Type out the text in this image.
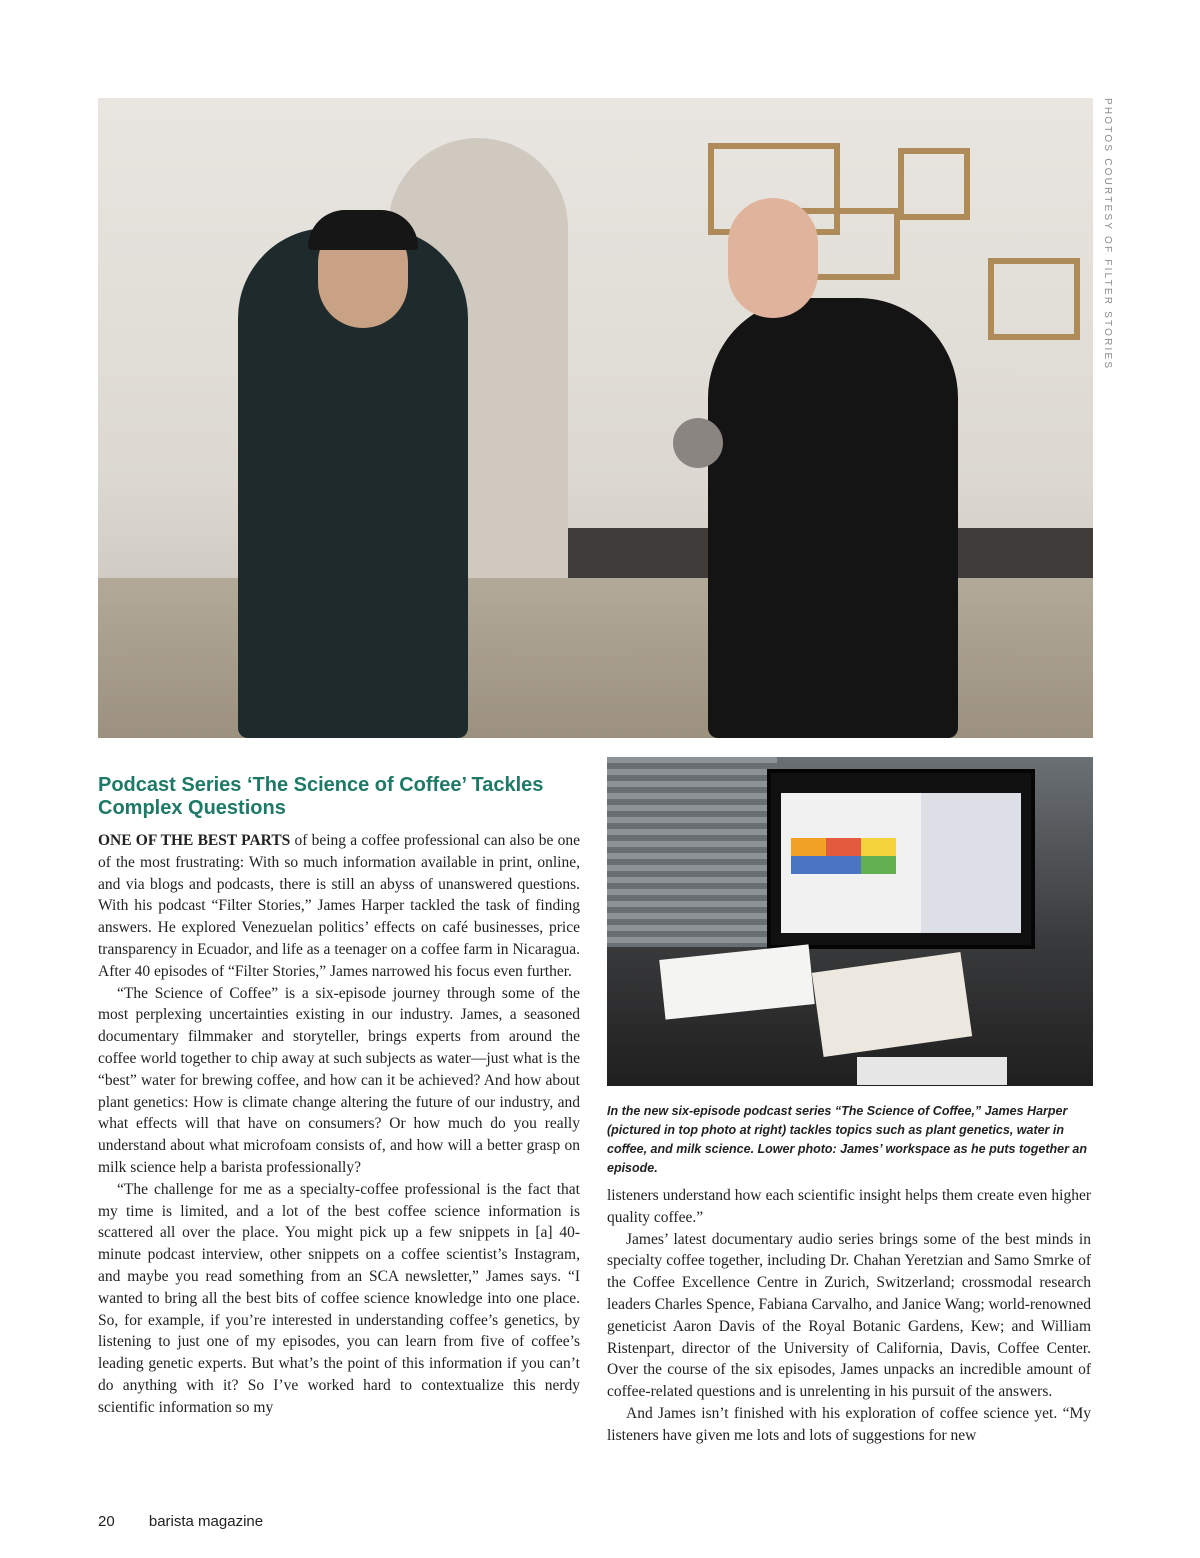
PHOTOS COURTESY OF FILTER STORIES
Podcast Series ‘The Science of Coffee’ Tackles Complex Questions

ONE OF THE BEST PARTS of being a coffee professional can also be one of the most frustrating: With so much information available in print, online, and via blogs and podcasts, there is still an abyss of unanswered questions. With his podcast “Filter Stories,” James Harper tackled the task of finding answers. He explored Venezuelan politics’ effects on café businesses, price transparency in Ecuador, and life as a teenager on a coffee farm in Nicaragua. After 40 episodes of “Filter Stories,” James narrowed his focus even further.

“The Science of Coffee” is a six-episode journey through some of the most perplexing uncertainties existing in our industry. James, a seasoned documentary filmmaker and storyteller, brings experts from around the coffee world together to chip away at such subjects as water—just what is the “best” water for brewing coffee, and how can it be achieved? And how about plant genetics: How is climate change altering the future of our industry, and what effects will that have on consumers? Or how much do you really understand about what microfoam consists of, and how will a better grasp on milk science help a barista professionally?

“The challenge for me as a specialty-coffee professional is the fact that my time is limited, and a lot of the best coffee science information is scattered all over the place. You might pick up a few snippets in [a] 40-minute podcast interview, other snippets on a coffee scientist’s Instagram, and maybe you read something from an SCA newsletter,” James says. “I wanted to bring all the best bits of coffee science knowledge into one place. So, for example, if you’re interested in understanding coffee’s genetics, by listening to just one of my episodes, you can learn from five of coffee’s leading genetic experts. But what’s the point of this information if you can’t do anything with it? So I’ve worked hard to contextualize this nerdy scientific information so my

In the new six-episode podcast series “The Science of Coffee,” James Harper (pictured in top photo at right) tackles topics such as plant genetics, water in coffee, and milk science. Lower photo: James’ workspace as he puts together an episode.

listeners understand how each scientific insight helps them create even higher quality coffee.”

James’ latest documentary audio series brings some of the best minds in specialty coffee together, including Dr. Chahan Yeretzian and Samo Smrke of the Coffee Excellence Centre in Zurich, Switzerland; crossmodal research leaders Charles Spence, Fabiana Carvalho, and Janice Wang; world-renowned geneticist Aaron Davis of the Royal Botanic Gardens, Kew; and William Ristenpart, director of the University of California, Davis, Coffee Center. Over the course of the six episodes, James unpacks an incredible amount of coffee-related questions and is unrelenting in his pursuit of the answers.

And James isn’t finished with his exploration of coffee science yet. “My listeners have given me lots and lots of suggestions for new

20 barista magazine
